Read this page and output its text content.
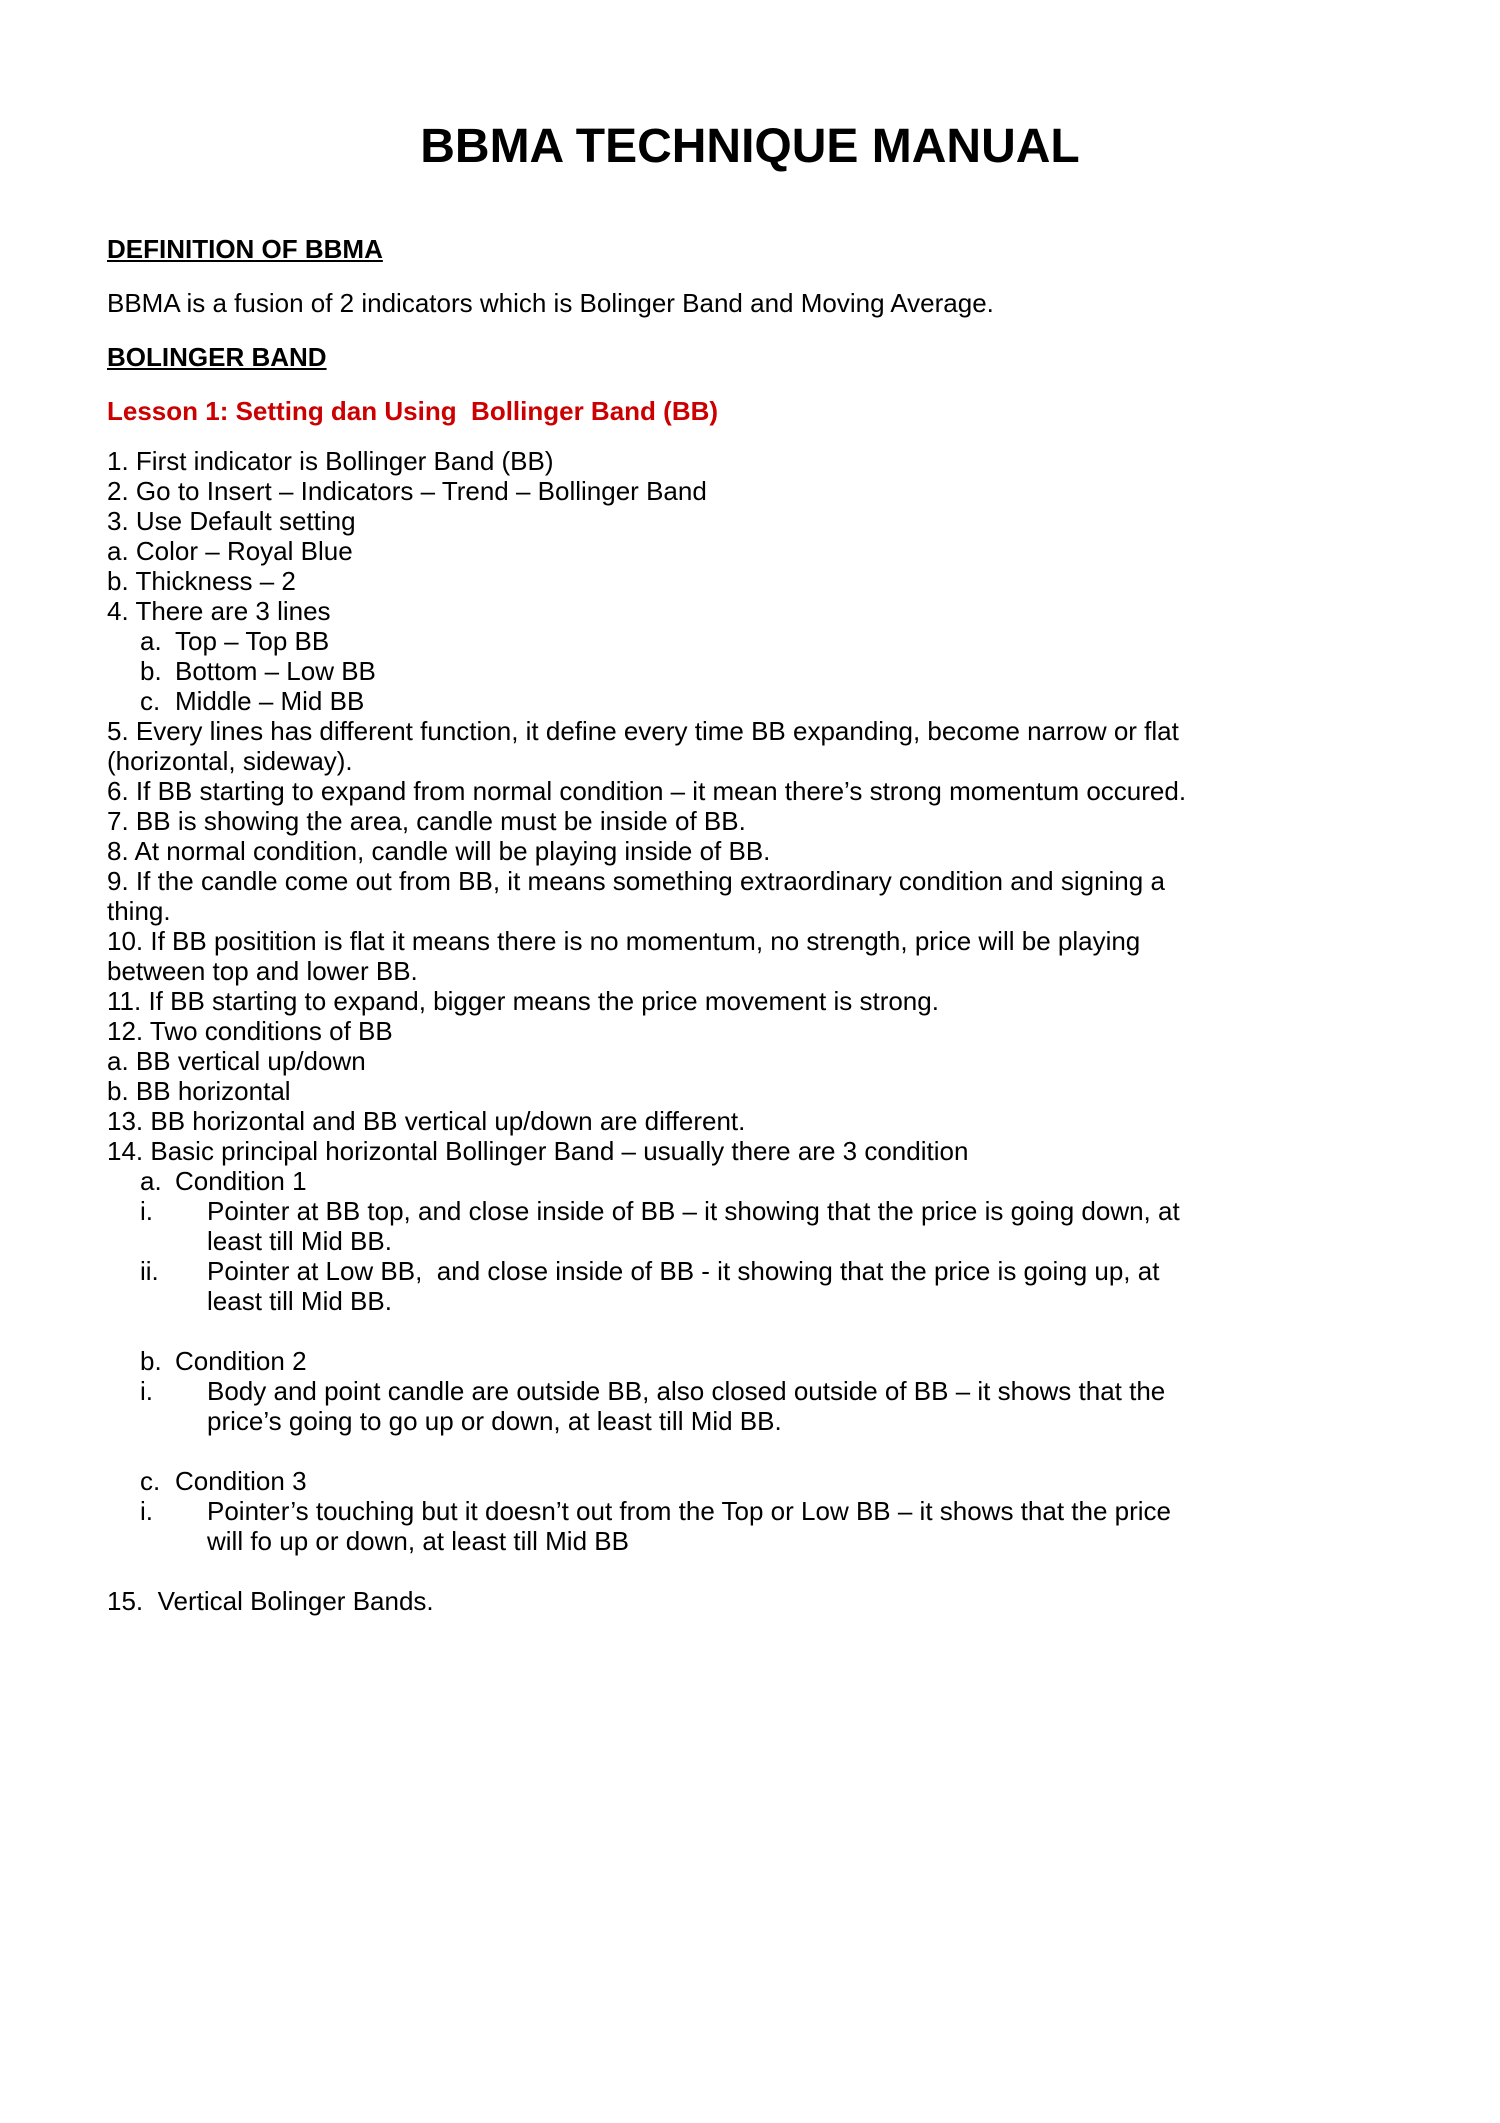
BBMA TECHNIQUE MANUAL

DEFINITION OF BBMA

BBMA is a fusion of 2 indicators which is Bolinger Band and Moving Average.

BOLINGER BAND

Lesson 1: Setting dan Using  Bollinger Band (BB)

1. First indicator is Bollinger Band (BB)

2. Go to Insert – Indicators – Trend – Bollinger Band

3. Use Default setting

a. Color – Royal Blue

b. Thickness – 2

4. There are 3 lines

a. Top – Top BB

b. Bottom – Low BB

c. Middle – Mid BB

5. Every lines has different function, it define every time BB expanding, become narrow or flat (horizontal, sideway).

6. If BB starting to expand from normal condition – it mean there’s strong momentum occured.

7. BB is showing the area, candle must be inside of BB.

8. At normal condition, candle will be playing inside of BB.

9. If the candle come out from BB, it means something extraordinary condition and signing a thing.

10. If BB positition is flat it means there is no momentum, no strength, price will be playing between top and lower BB.

11. If BB starting to expand, bigger means the price movement is strong.

12. Two conditions of BB

a. BB vertical up/down

b. BB horizontal

13. BB horizontal and BB vertical up/down are different.

14. Basic principal horizontal Bollinger Band – usually there are 3 condition

a. Condition 1

i.	Pointer at BB top, and close inside of BB – it showing that the price is going down, at least till Mid BB.

ii.	Pointer at Low BB,  and close inside of BB - it showing that the price is going up, at least till Mid BB.

b. Condition 2

i.	Body and point candle are outside BB, also closed outside of BB – it shows that the price’s going to go up or down, at least till Mid BB.

c. Condition 3

i.	Pointer’s touching but it doesn’t out from the Top or Low BB – it shows that the price will fo up or down, at least till Mid BB

15.  Vertical Bolinger Bands.
